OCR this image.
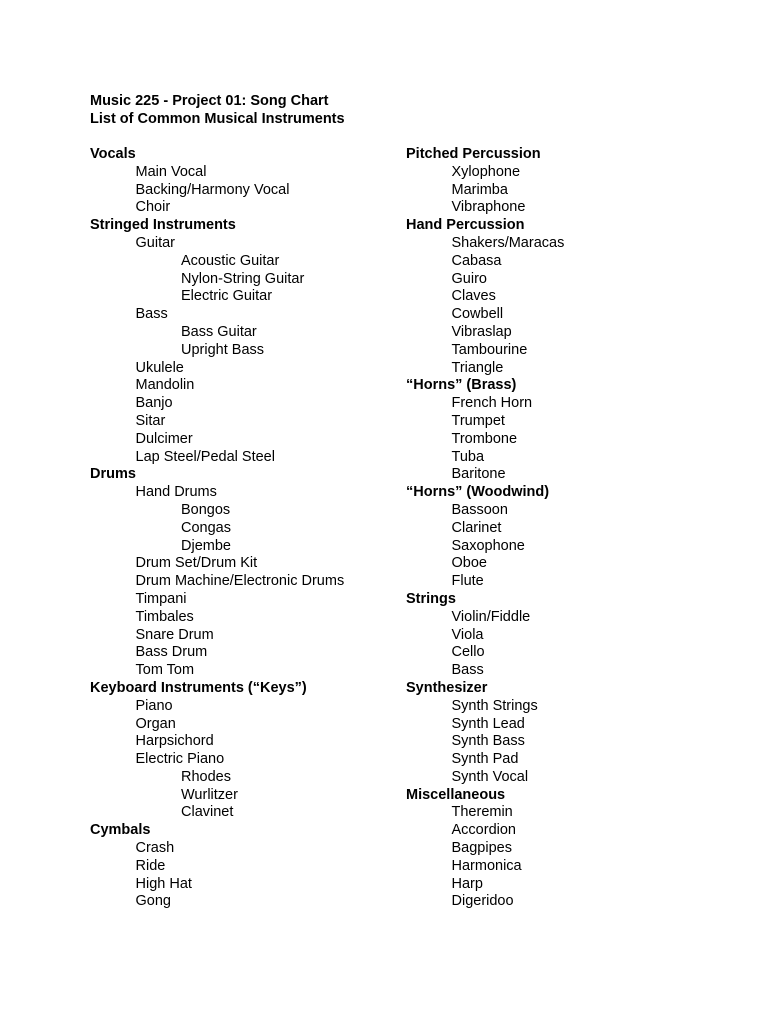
Music 225 - Project 01: Song Chart
List of Common Musical Instruments
Vocals
Main Vocal
Backing/Harmony Vocal
Choir
Stringed Instruments
Guitar
Acoustic Guitar
Nylon-String Guitar
Electric Guitar
Bass
Bass Guitar
Upright Bass
Ukulele
Mandolin
Banjo
Sitar
Dulcimer
Lap Steel/Pedal Steel
Drums
Hand Drums
Bongos
Congas
Djembe
Drum Set/Drum Kit
Drum Machine/Electronic Drums
Timpani
Timbales
Snare Drum
Bass Drum
Tom Tom
Keyboard Instruments (“Keys”)
Piano
Organ
Harpsichord
Electric Piano
Rhodes
Wurlitzer
Clavinet
Cymbals
Crash
Ride
High Hat
Gong
Pitched Percussion
Xylophone
Marimba
Vibraphone
Hand Percussion
Shakers/Maracas
Cabasa
Guiro
Claves
Cowbell
Vibraslap
Tambourine
Triangle
“Horns” (Brass)
French Horn
Trumpet
Trombone
Tuba
Baritone
“Horns” (Woodwind)
Bassoon
Clarinet
Saxophone
Oboe
Flute
Strings
Violin/Fiddle
Viola
Cello
Bass
Synthesizer
Synth Strings
Synth Lead
Synth Bass
Synth Pad
Synth Vocal
Miscellaneous
Theremin
Accordion
Bagpipes
Harmonica
Harp
Digeridoo
